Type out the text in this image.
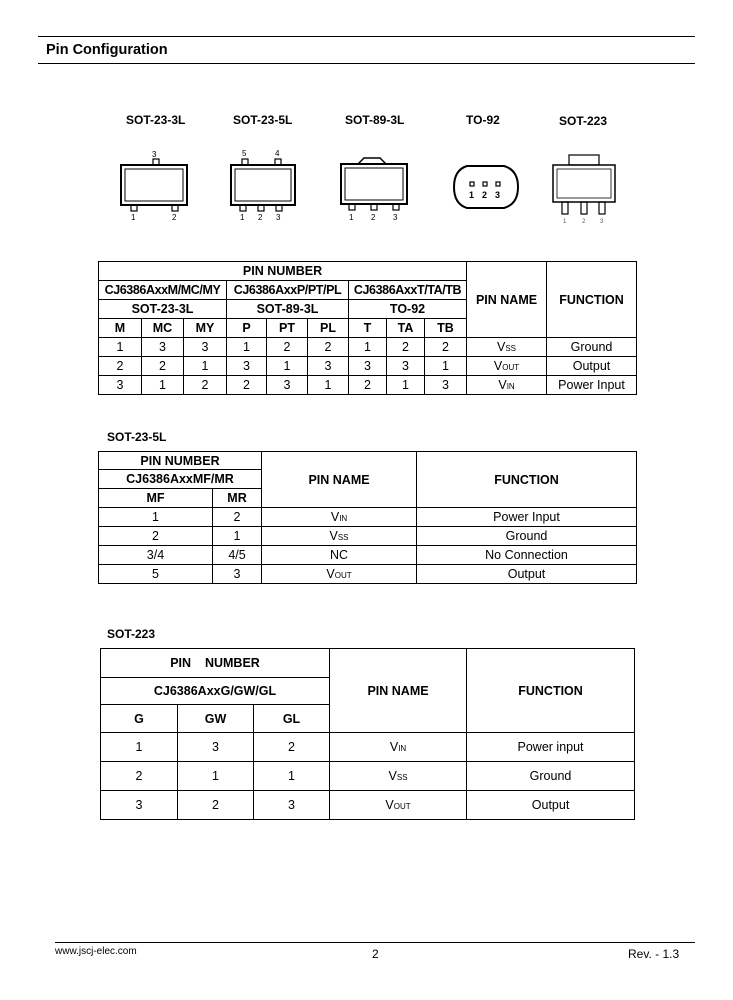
Pin Configuration
SOT-23-3L	SOT-23-5L	SOT-89-3L	TO-92	SOT-223
3
1	2
5	4
1 2 3	1 2 3
1 2 3
1	2 3
PIN NUMBER									PIN NAME	FUNCTION
CJ6386AxxM/MC/MY			CJ6386AxxP/PT/PL			CJ6386AxxT/TA/TB				
SOT-23-3L			SOT-89-3L			TO-92				
M	MC	MY	P	PT	PL	T	TA	TB		
1	3	3	1	2	2	1	2	2	VSS	Ground
2	2	1	3	1	3	3	3	1	VOUT	Output
3	1	2	2	3	1	2	1	3	VIN	Power Input
SOT-23-5L
PIN NUMBER		PIN NAME	FUNCTION
CJ6386AxxMF/MR			
MF	MR		
1	2	VIN	Power Input
2	1	VSS	Ground
3/4	4/5	NC	No Connection
5	3	VOUT	Output
SOT-223
PIN    NUMBER			PIN NAME	FUNCTION
CJ6386AxxG/GW/GL				
G	GW	GL		
1	3	2	VIN	Power input
2	1	1	VSS	Ground
3	2	3	VOUT	Output
www.jscj-elec.com	2	Rev. - 1.3
